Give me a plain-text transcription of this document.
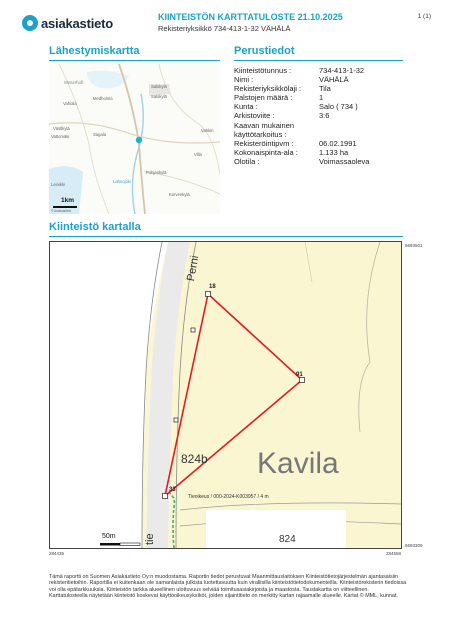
asiakastieto	KIINTEISTÖN KARTTATULOSTE 21.10.2025
Rekisteriyksikkö 734-413-1-32 VÄHÄLÄ
1 (1)
Lähestymiskartta	Perustiedot
Kiinteistö kartalla
Wetterhoff
Vahiala
Medholma
Salokylä
Salokylä
Vattomäki	Sagala
Villa
Pohjankylä
Lahnojoki
Korvenkylä
Leinikki
Västlkylä	Vahkin
1km
© Asiakastieto
Kiinteistötunnus :	734-413-1-32
Nimi :	VÄHÄLÄ
Rekisteriyksikkölaji :	Tila
Palstojen määrä :	1
Kunta :	Salo ( 734 )
Arkistoviite :	3:6
Kaavan mukainen käyttötarkoitus :	
Rekisteröintipvm :	06.02.1991
Kokonaispinta-ala :	1.133 ha
Olotila :	Voimassaoleva
Perni
tie
Kavila
824b
824
Tieoikeus / 000-2024-K003957 / 4 m
18
91
33
50m
6693501
6693309
284435	284558
Tämä raportti on Suomen Asiakastieto Oy:n muodostama. Raportin tiedot perustuvat Maanmittauslaitoksen Kiinteistötietojärjestelmän ajantasaisiin rekisteritietoihin. Raportilla ei kuitenkaan ole samanlaista julkista luotettavuutta kuin virallisilla kiinteistötietodokumenteilla. Kiinteistörekisterin tiedoissa voi olla epätarkkuuksia. Kiinteistön tarkka alueellinen ulottuvuus selviää toimitusasiakirjoista ja maastosta. Taustakartta on viitteellinen. Karttatulosteella näytetään kiinteistö koskevat käyttöoikeusyksiköt, joiden sijaintitieto on merkitty kartan rajaamalle alueelle. Kartat © MML, kunnat.
